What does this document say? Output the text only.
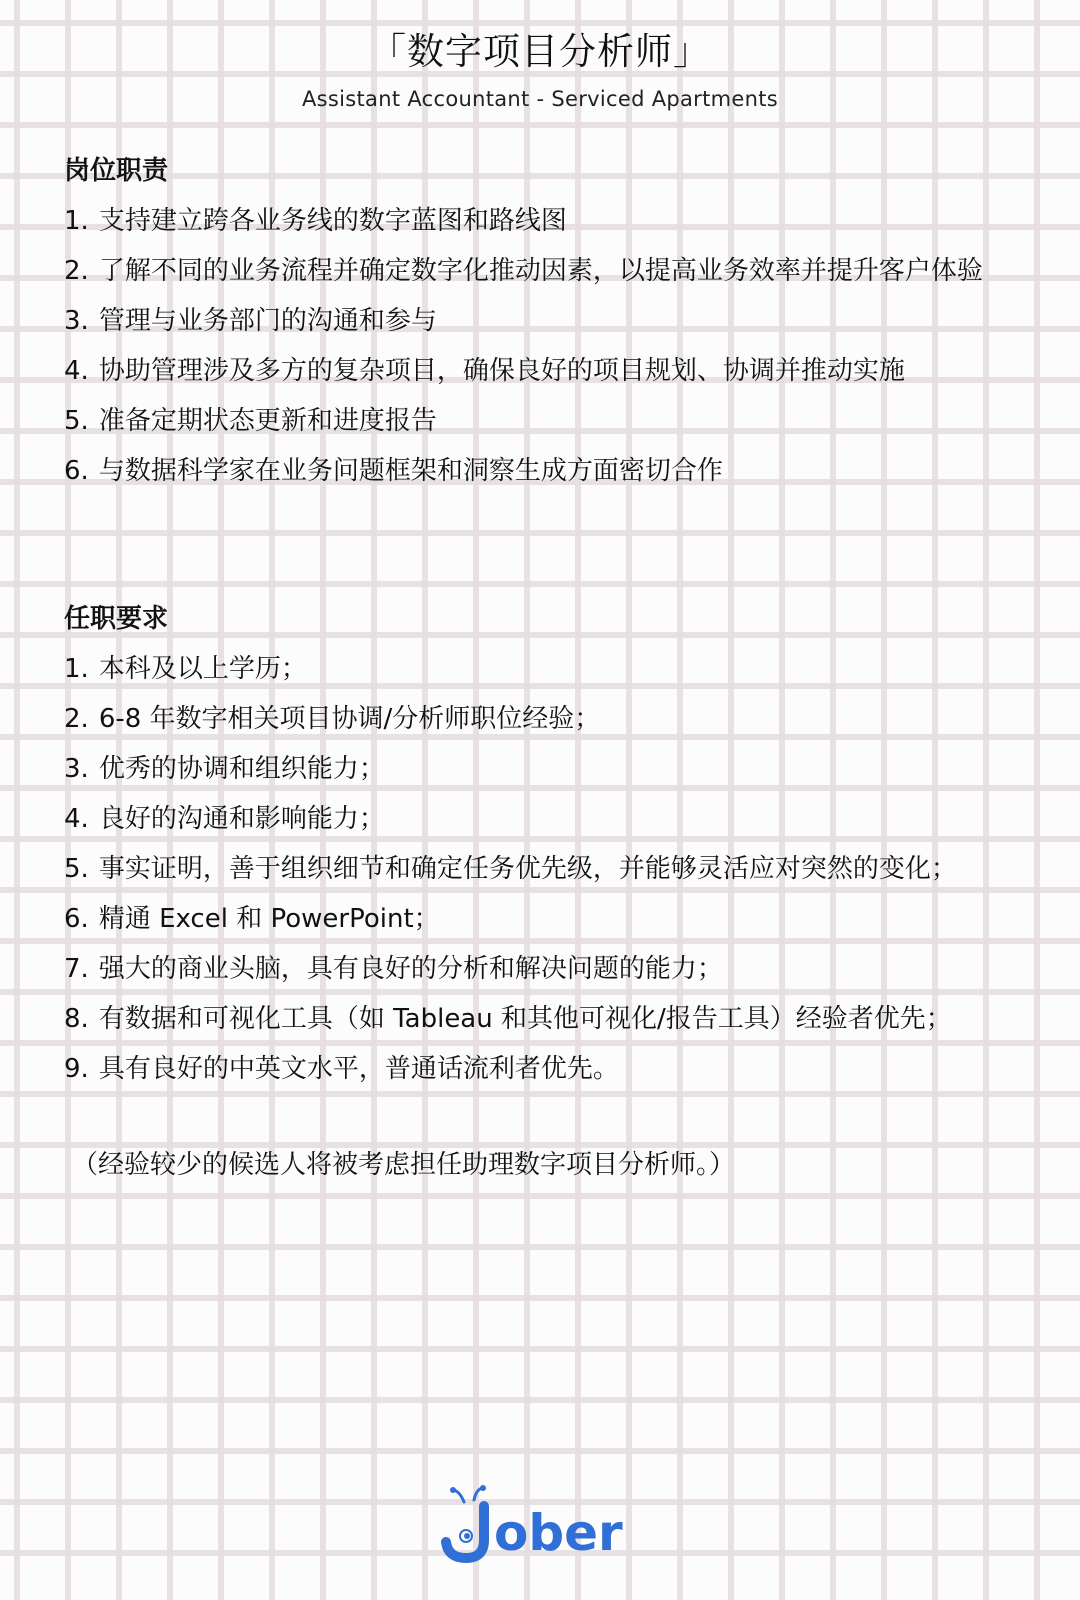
「数字项目分析师」
Assistant Accountant - Serviced Apartments
岗位职责
1. 支持建立跨各业务线的数字蓝图和路线图
2. 了解不同的业务流程并确定数字化推动因素，以提高业务效率并提升客户体验
3. 管理与业务部门的沟通和参与
4. 协助管理涉及多方的复杂项目，确保良好的项目规划、协调并推动实施
5. 准备定期状态更新和进度报告
6. 与数据科学家在业务问题框架和洞察生成方面密切合作
任职要求
1. 本科及以上学历；
2. 6-8 年数字相关项目协调/分析师职位经验；
3. 优秀的协调和组织能力；
4. 良好的沟通和影响能力；
5. 事实证明，善于组织细节和确定任务优先级，并能够灵活应对突然的变化；
6. 精通 Excel 和 PowerPoint；
7. 强大的商业头脑，具有良好的分析和解决问题的能力；
8. 有数据和可视化工具（如 Tableau 和其他可视化/报告工具）经验者优先；
9. 具有良好的中英文水平，普通话流利者优先。
（经验较少的候选人将被考虑担任助理数字项目分析师。）
ober
